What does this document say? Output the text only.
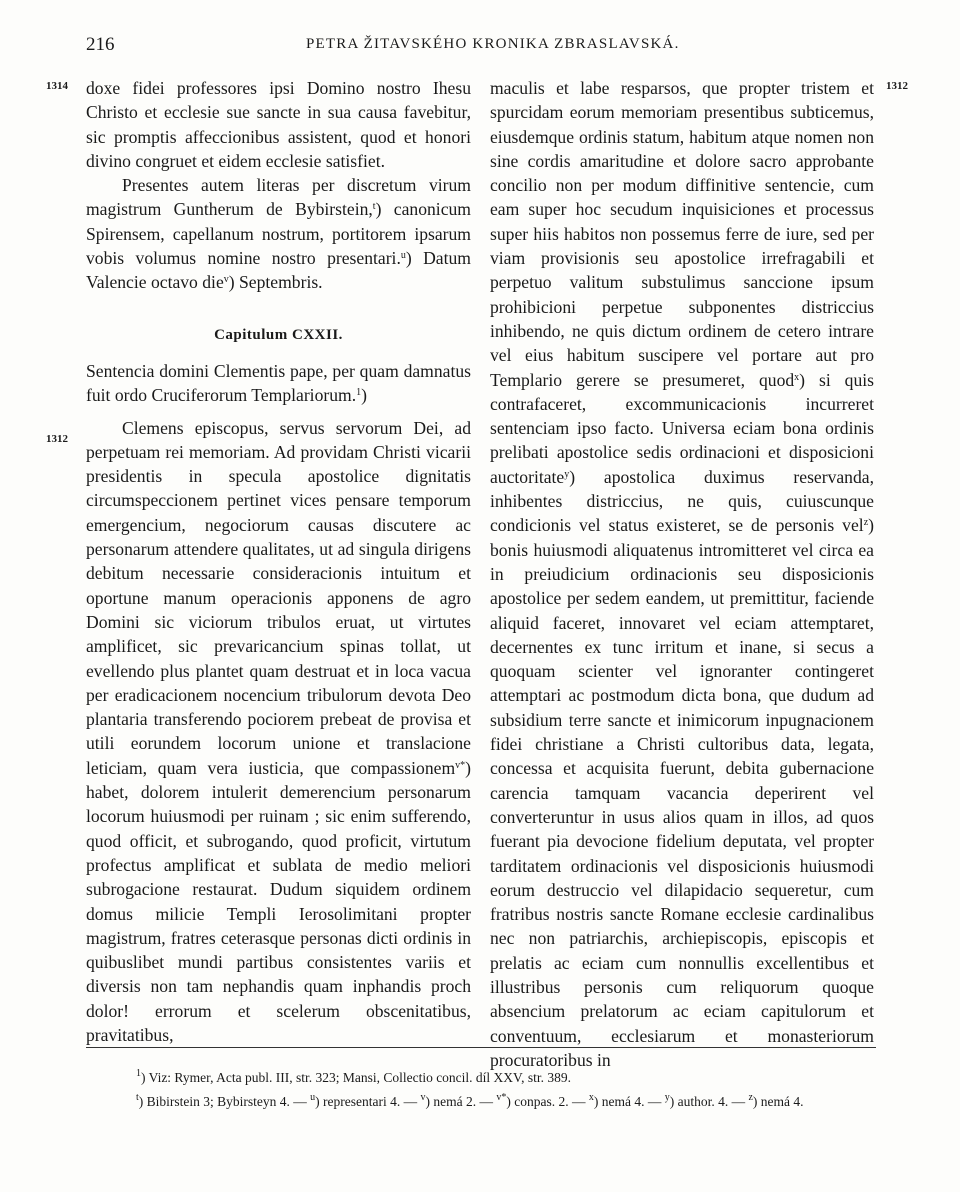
216	PETRA ŽITAVSKÉHO KRONIKA ZBRASLAVSKÁ.
1314
1312
1312

doxe fidei professores ipsi Domino nostro Ihesu Christo et ecclesie sue sancte in sua causa favebitur, sic promptis affeccionibus assistent, quod et honori divino congruet et eidem ecclesie satisfiet.

Presentes autem literas per discretum virum magistrum Guntherum de Bybirstein,$^t$) canonicum Spirensem, capellanum nostrum, portitorem ipsarum vobis volumus nomine nostro presentari.$^u$) Datum Valencie octavo die$^v$) Septembris.

Capitulum CXXII.

Sentencia domini Clementis pape, per quam damnatus fuit ordo Cruciferorum Templariorum.$^1$)

Clemens episcopus, servus servorum Dei, ad perpetuam rei memoriam. Ad providam Christi vicarii presidentis in specula apostolice dignitatis circumspeccionem pertinet vices pensare temporum emergencium, negociorum causas discutere ac personarum attendere qualitates, ut ad singula dirigens debitum necessarie consideracionis intuitum et oportune manum operacionis apponens de agro Domini sic viciorum tribulos eruat, ut virtutes amplificet, sic prevaricancium spinas tollat, ut evellendo plus plantet quam destruat et in loca vacua per eradicacionem nocencium tribulorum devota Deo plantaria transferendo pociorem prebeat de provisa et utili eorundem locorum unione et translacione leticiam, quam vera iusticia, que compassionem$^{v*}$) habet, dolorem intulerit demerencium personarum locorum huiusmodi per ruinam ; sic enim sufferendo, quod officit, et subrogando, quod proficit, virtutum profectus amplificat et sublata de medio meliori subrogacione restaurat. Dudum siquidem ordinem domus milicie Templi Ierosolimitani propter magistrum, fratres ceterasque personas dicti ordinis in quibuslibet mundi partibus consistentes variis et diversis non tam nephandis quam inphandis proch dolor! errorum et scelerum obscenitatibus, pravitatibus,

maculis et labe resparsos, que propter tristem et spurcidam eorum memoriam presentibus subticemus, eiusdemque ordinis statum, habitum atque nomen non sine cordis amaritudine et dolore sacro approbante concilio non per modum diffinitive sentencie, cum eam super hoc secudum inquisiciones et processus super hiis habitos non possemus ferre de iure, sed per viam provisionis seu apostolice irrefragabili et perpetuo valitum substulimus sanccione ipsum prohibicioni perpetue subponentes districcius inhibendo, ne quis dictum ordinem de cetero intrare vel eius habitum suscipere vel portare aut pro Templario gerere se presumeret, quod$^x$) si quis contrafaceret, excommunicacionis incurreret sentenciam ipso facto. Universa eciam bona ordinis prelibati apostolice sedis ordinacioni et disposicioni auctoritate$^y$) apostolica duximus reservanda, inhibentes districcius, ne quis, cuiuscunque condicionis vel status existeret, se de personis vel$^z$) bonis huiusmodi aliquatenus intromitteret vel circa ea in preiudicium ordinacionis seu disposicionis apostolice per sedem eandem, ut premittitur, faciende aliquid faceret, innovaret vel eciam attemptaret, decernentes ex tunc irritum et inane, si secus a quoquam scienter vel ignoranter contingeret attemptari ac postmodum dicta bona, que dudum ad subsidium terre sancte et inimicorum inpugnacionem fidei christiane a Christi cultoribus data, legata, concessa et acquisita fuerunt, debita gubernacione carencia tamquam vacancia deperirent vel converteruntur in usus alios quam in illos, ad quos fuerant pia devocione fidelium deputata, vel propter tarditatem ordinacionis vel disposicionis huiusmodi eorum destruccio vel dilapidacio sequeretur, cum fratribus nostris sancte Romane ecclesie cardinalibus nec non patriarchis, archiepiscopis, episcopis et prelatis ac eciam cum nonnullis excellentibus et illustribus personis cum reliquorum quoque absencium prelatorum ac eciam capitulorum et conventuum, ecclesiarum et monasteriorum procuratoribus in

$^1$) Viz: Rymer, Acta publ. III, str. 323; Mansi, Collectio concil. díl XXV, str. 389.

$^t$) Bibirstein 3; Bybirsteyn 4. — $^u$) representari 4. — $^v$) nemá 2. — $^{v*}$) conpas. 2. — $^x$) nemá 4. — $^y$) author. 4. — $^z$) nemá 4.
